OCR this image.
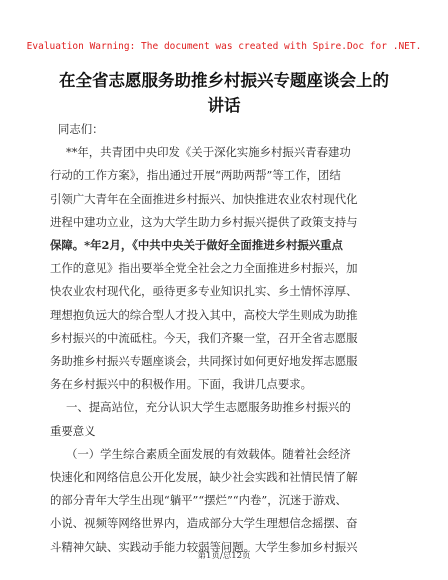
Evaluation Warning: The document was created with Spire.Doc for .NET.
在全省志愿服务助推乡村振兴专题座谈会上的
讲话

同志们：

**年，共青团中央印发《关于深化实施乡村振兴青春建功

行动的工作方案》，指出通过开展“两助两帮”等工作，团结

引领广大青年在全面推进乡村振兴、加快推进农业农村现代化

进程中建功立业，这为大学生助力乡村振兴提供了政策支持与

保障。*年2月，《中共中央关于做好全面推进乡村振兴重点

工作的意见》指出要举全党全社会之力全面推进乡村振兴，加

快农业农村现代化，亟待更多专业知识扎实、乡土情怀淳厚、

理想抱负远大的综合型人才投入其中，高校大学生则成为助推

乡村振兴的中流砥柱。今天，我们齐聚一堂，召开全省志愿服

务助推乡村振兴专题座谈会，共同探讨如何更好地发挥志愿服

务在乡村振兴中的积极作用。下面，我讲几点要求。

一、提高站位，充分认识大学生志愿服务助推乡村振兴的

重要意义

（一）学生综合素质全面发展的有效载体。随着社会经济

快速化和网络信息公开化发展，缺少社会实践和社情民情了解

的部分青年大学生出现“躺平”“摆烂”“内卷”，沉迷于游戏、

小说、视频等网络世界内，造成部分大学生理想信念摇摆、奋

斗精神欠缺、实践动手能力较弱等问题。大学生参加乡村振兴

第1页/总12页
